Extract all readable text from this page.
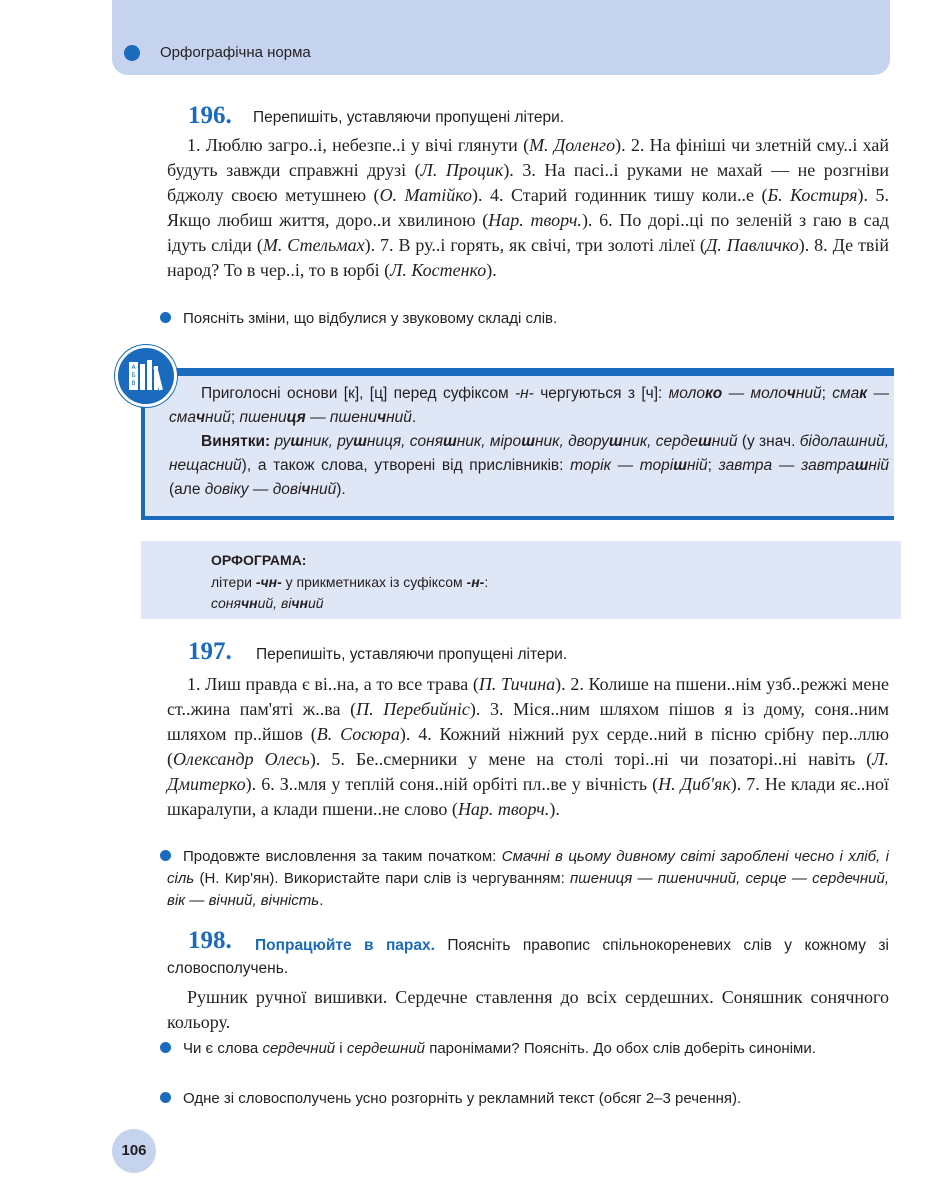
Орфографічна норма
196. Перепишіть, уставляючи пропущені літери.
1. Люблю загро..і, небезпе..і у вічі глянути (М. Доленго). 2. На фініші чи злетній сму..і хай будуть завжди справжні друзі (Л. Процик). 3. На пасі..і руками не махай — не розгніви бджолу своєю метушнею (О. Матійко). 4. Старий годинник тишу коли..е (Б. Костиря). 5. Якщо любиш життя, доро..и хвилиною (Нар. творч.). 6. По дорі..ці по зеленій з гаю в сад ідуть сліди (М. Стельмах). 7. В ру..і горять, як свічі, три золоті лілеї (Д. Павличко). 8. Де твій народ? То в чер..і, то в юрбі (Л. Костенко).
Поясніть зміни, що відбулися у звуковому складі слів.
А
Б
В

Приголосні основи [к], [ц] перед суфіксом -н- чергуються з [ч]: молоко — молочний; смак — смачний; пшениця — пшеничний.

Винятки: рушник, рушниця, соняшник, мірошник, дворушник, сердешний (у знач. бідолашний, нещасний), а також слова, утворені від прислівників: торік — торішній; завтра — завтрашній (але довіку — довічний).

ОРФОГРАМА:
літери -чн- у прикметниках із суфіксом -н-:
сонячний, вічний
197. Перепишіть, уставляючи пропущені літери.
1. Лиш правда є ві..на, а то все трава (П. Тичина). 2. Колише на пшени..нім узб..режжі мене ст..жина пам'яті ж..ва (П. Перебийніс). 3. Міся..ним шляхом пішов я із дому, соня..ним шляхом пр..йшов (В. Сосюра). 4. Кожний ніжний рух серде..ний в пісню срібну пер..ллю (Олександр Олесь). 5. Бе..смерники у мене на столі торі..ні чи позаторі..ні навіть (Л. Дмитерко). 6. З..мля у теплій соня..ній орбіті пл..ве у вічність (Н. Диб'як). 7. Не клади яє..ної шкаралупи, а клади пшени..не слово (Нар. творч.).
Продовжте висловлення за таким початком: Смачні в цьому дивному світі зароблені чесно і хліб, і сіль (Н. Кир'ян). Використайте пари слів із чергуванням: пшениця — пшеничний, серце — сердечний, вік — вічний, вічність.
198.	Попрацюйте в парах. Поясніть правопис спільнокореневих слів у кожному зі словосполучень.
Рушник ручної вишивки. Сердечне ставлення до всіх сердешних. Соняшник сонячного кольору.
Чи є слова сердечний і сердешний паронімами? Поясніть. До обох слів доберіть синоніми.
Одне зі словосполучень усно розгорніть у рекламний текст (обсяг 2–3 речення).
106
